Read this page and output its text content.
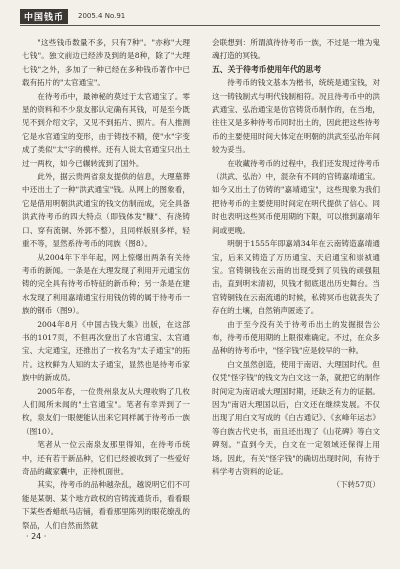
中国钱币	2005.4 No.91

"这些钱币数量不多，只有7种"。"亦称"大理七钱"。独文前边已经涉及到的是8种，除了"大理七钱"之外，多加了一种已经在多种钱币著作中已载有拓片的"太官通宝"。

在待考币中，最神秘的莫过于太官通宝了。零星的资料和不少泉友都认定确有其钱，可是至今既见不到介绍文字，又见不到拓片、照片。有人推测它是水官通宝的变形，由于铸技不精，使"水"字变成了类似"太"字的模样。还有人说太官通宝只出土过一两枚，如今已辗转流到了国外。

此外，据云贵两省泉友提供的信息，大理墓葬中还出土了一种"洪武通宝"钱。从网上的图象看，它是借用明朝洪武通宝的钱文仿制而成，完全具备洪武待考币的四大特点（即钱体发"糠"、有浇铸口、穿有流铜、外郭不整），且同样版别多样，轻重不等，显然系待考币的同族（图8）。

从2004年下半年起，网上惊爆出两条有关待考币的新闻。一条是在大理发现了利用开元通宝仿铸的完全具有待考币特征的新币种；另一条是在建水发现了利用嘉靖通宝行用钱仿铸的属于待考币一族的钢币（图9）。

2004年8月《中国古钱大集》出版，在这部书的1017页，不但再次登出了水官通宝、太官通宝、大定通宝，还推出了一枚名为"太子通宝"的拓片。这枚鲜为人知的太子通宝，显然也是待考币家族中的新成员。

2005年春，一位贵州泉友从大理收购了几枚人们闻所未闻的"土官通宝"。笔者有幸弄到了一枚，泉友们一眼便能认出来它同样属于待考币一族（图10）。

笔者从一位云南泉友那里得知，在待考币统中，还有若干新品种，它们已经被收到了一些爱好奇品的藏家囊中，正待机面世。

其实，待考币的品种越杂乱，越说明它们不可能是某朝、某个地方政权的官铸流通货币，看看眼下某些香蜡纸马店铺，看看那里陈列的眼花缭乱的祭品，人们自然而然就

会联想到：所谓滇待待考币一族，不过是一堆为鬼魂打造的冥钱。

五、关于待考币使用年代的思考

待考币的钱文基本为楷书，统统是通宝钱，对这一铸钱制式与明代钱制相符。况且待考币中的洪武通宝、弘治通宝是仿官铸货币制作的，在当地，往往又是多种待考币同时出土的，因此把这些待考币的主要使用时间大体定在明朝的洪武至弘治年间较为妥当。

在收藏待考币的过程中，我们还发现过待考币（洪武、弘治）中，混杂有不同的官铸嘉靖通宝。如今又出土了仿铸的"嘉靖通宝"，这些现象为我们把待考币的主要使用时间定在明代提供了信心。同时也表明这些冥币使用期的下限，可以推到嘉靖年间或更晚。

明朝于1555年即嘉靖34年在云南铸造嘉靖通宝，后来又铸造了万历通宝、天启通宝和崇祯通宝。官铸铜钱在云南的出现受到了贝钱的顽强阻击，直到明末清初，贝钱才彻底退出历史舞台。当官铸铜钱在云南流通的时候，私铸冥币也就丧失了存在的土壤，自然销声匿迹了。

由于至今没有关于待考币出土的发掘报告公布，待考币使用期的上限很难确定。不过，在众多品种的待考币中，"怪字钱"应是较早的一种。

白文虽然创造，使用于南诏、大理国时代。但仅凭"怪字钱"的钱文为白文这一条，就把它的制作时间定为南诏或大理国时期，还缺乏有力的证据。因为"南诏大理国以后，白文还在继续发展。不仅出现了用白文写成的《白古通记》、《玄峰年运志》等白族古代史书，而且还出现了《山花碑》等白文碑刻。"直到今天，白文在一定领域还保得上用场。因此，有关"怪字钱"的确切出现时间，有待于科学考古资料的论证。

（下转57页）

· 24 ·
